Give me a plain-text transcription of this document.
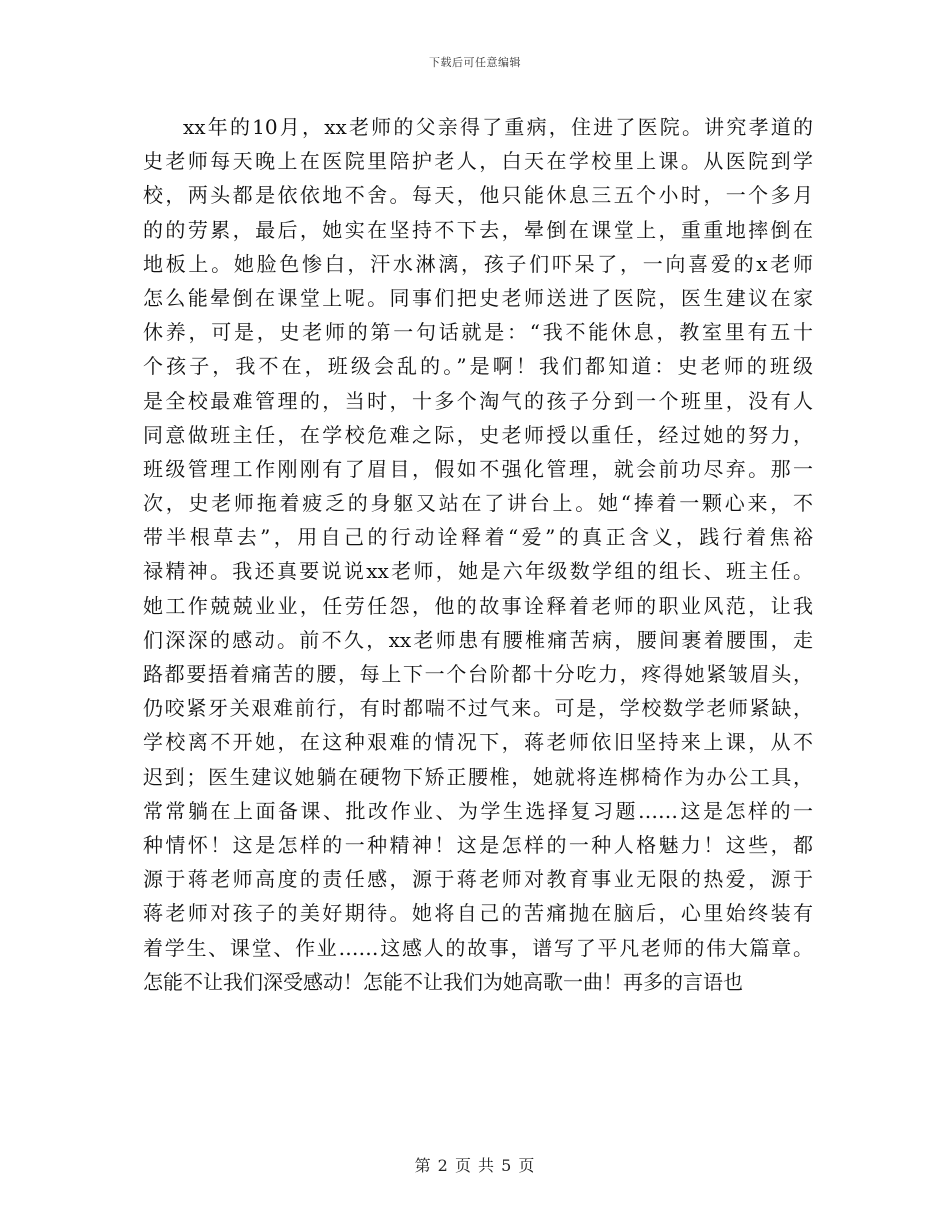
下载后可任意编辑
xx年的10月，xx老师的父亲得了重病，住进了医院。讲究孝道的
史老师每天晚上在医院里陪护老人，白天在学校里上课。从医院到学
校，两头都是依依地不舍。每天，他只能休息三五个小时，一个多月
的的劳累，最后，她实在坚持不下去，晕倒在课堂上，重重地摔倒在
地板上。她脸色惨白，汗水淋漓，孩子们吓呆了，一向喜爱的x老师
怎么能晕倒在课堂上呢。同事们把史老师送进了医院，医生建议在家
休养，可是，史老师的第一句话就是：“我不能休息，教室里有五十
个孩子，我不在，班级会乱的。”是啊！我们都知道：史老师的班级
是全校最难管理的，当时，十多个淘气的孩子分到一个班里，没有人
同意做班主任，在学校危难之际，史老师授以重任，经过她的努力，
班级管理工作刚刚有了眉目，假如不强化管理，就会前功尽弃。那一
次，史老师拖着疲乏的身躯又站在了讲台上。她“捧着一颗心来，不
带半根草去”，用自己的行动诠释着“爱”的真正含义，践行着焦裕
禄精神。我还真要说说xx老师，她是六年级数学组的组长、班主任。
她工作兢兢业业，任劳任怨，他的故事诠释着老师的职业风范，让我
们深深的感动。前不久，xx老师患有腰椎痛苦病，腰间裹着腰围，走
路都要捂着痛苦的腰，每上下一个台阶都十分吃力，疼得她紧皱眉头，
仍咬紧牙关艰难前行，有时都喘不过气来。可是，学校数学老师紧缺，
学校离不开她，在这种艰难的情况下，蒋老师依旧坚持来上课，从不
迟到；医生建议她躺在硬物下矫正腰椎，她就将连梆椅作为办公工具，
常常躺在上面备课、批改作业、为学生选择复习题……这是怎样的一
种情怀！这是怎样的一种精神！这是怎样的一种人格魅力！这些，都
源于蒋老师高度的责任感，源于蒋老师对教育事业无限的热爱，源于
蒋老师对孩子的美好期待。她将自己的苦痛抛在脑后，心里始终装有
着学生、课堂、作业……这感人的故事，谱写了平凡老师的伟大篇章。
怎能不让我们深受感动！怎能不让我们为她高歌一曲！再多的言语也
第 2 页 共 5 页
